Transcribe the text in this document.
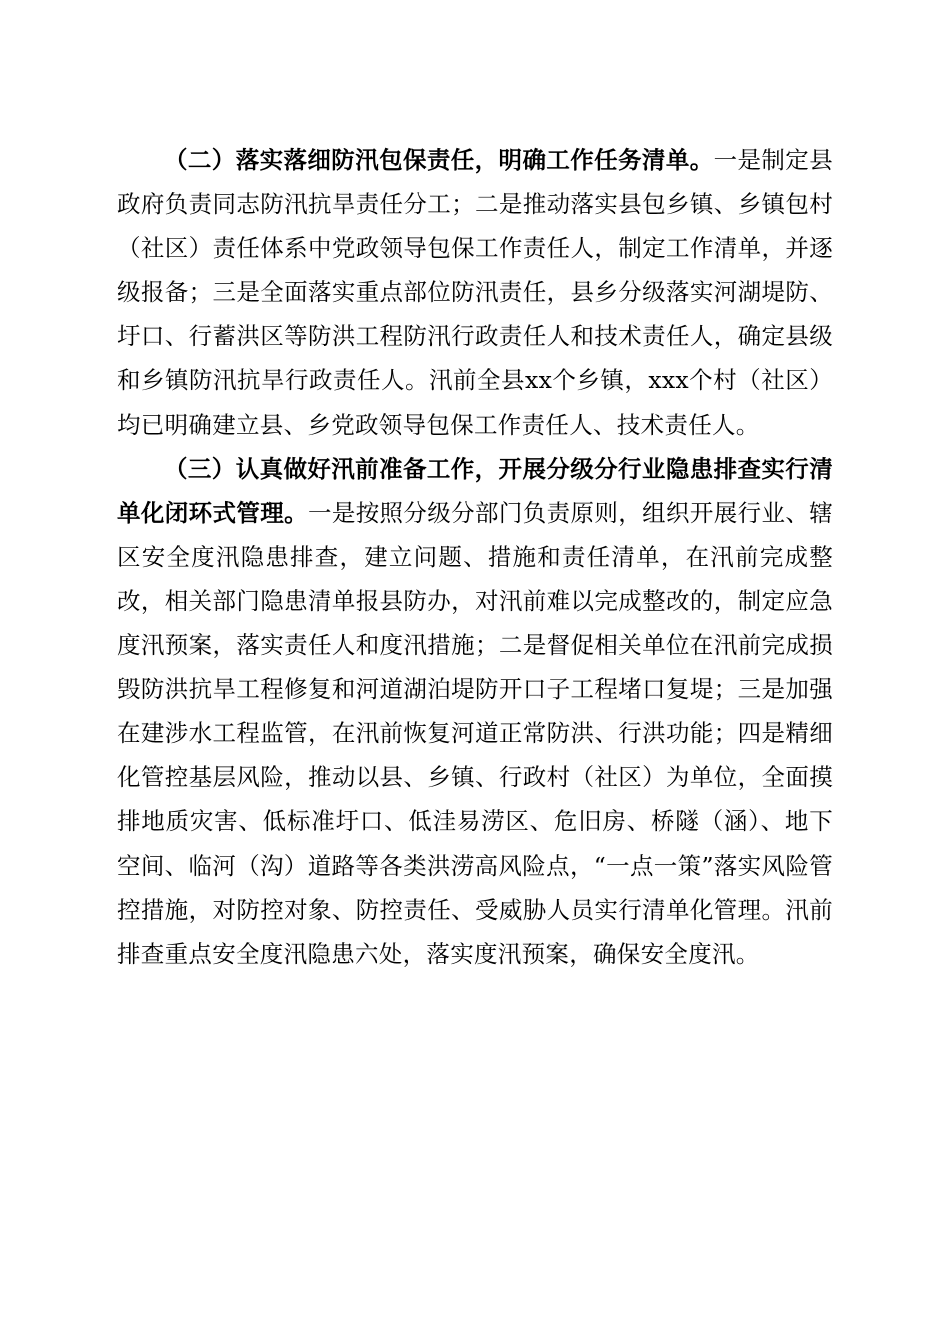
（二）落实落细防汛包保责任，明确工作任务清单。一是制定县政府负责同志防汛抗旱责任分工；二是推动落实县包乡镇、乡镇包村（社区）责任体系中党政领导包保工作责任人，制定工作清单，并逐级报备；三是全面落实重点部位防汛责任，县乡分级落实河湖堤防、圩口、行蓄洪区等防洪工程防汛行政责任人和技术责任人，确定县级和乡镇防汛抗旱行政责任人。汛前全县xx个乡镇，xxx个村（社区）均已明确建立县、乡党政领导包保工作责任人、技术责任人。

（三）认真做好汛前准备工作，开展分级分行业隐患排查实行清单化闭环式管理。一是按照分级分部门负责原则，组织开展行业、辖区安全度汛隐患排查，建立问题、措施和责任清单，在汛前完成整改，相关部门隐患清单报县防办，对汛前难以完成整改的，制定应急度汛预案，落实责任人和度汛措施；二是督促相关单位在汛前完成损毁防洪抗旱工程修复和河道湖泊堤防开口子工程堵口复堤；三是加强在建涉水工程监管，在汛前恢复河道正常防洪、行洪功能；四是精细化管控基层风险，推动以县、乡镇、行政村（社区）为单位，全面摸排地质灾害、低标准圩口、低洼易涝区、危旧房、桥隧（涵）、地下空间、临河（沟）道路等各类洪涝高风险点，“一点一策”落实风险管控措施，对防控对象、防控责任、受威胁人员实行清单化管理。汛前排查重点安全度汛隐患六处，落实度汛预案，确保安全度汛。
